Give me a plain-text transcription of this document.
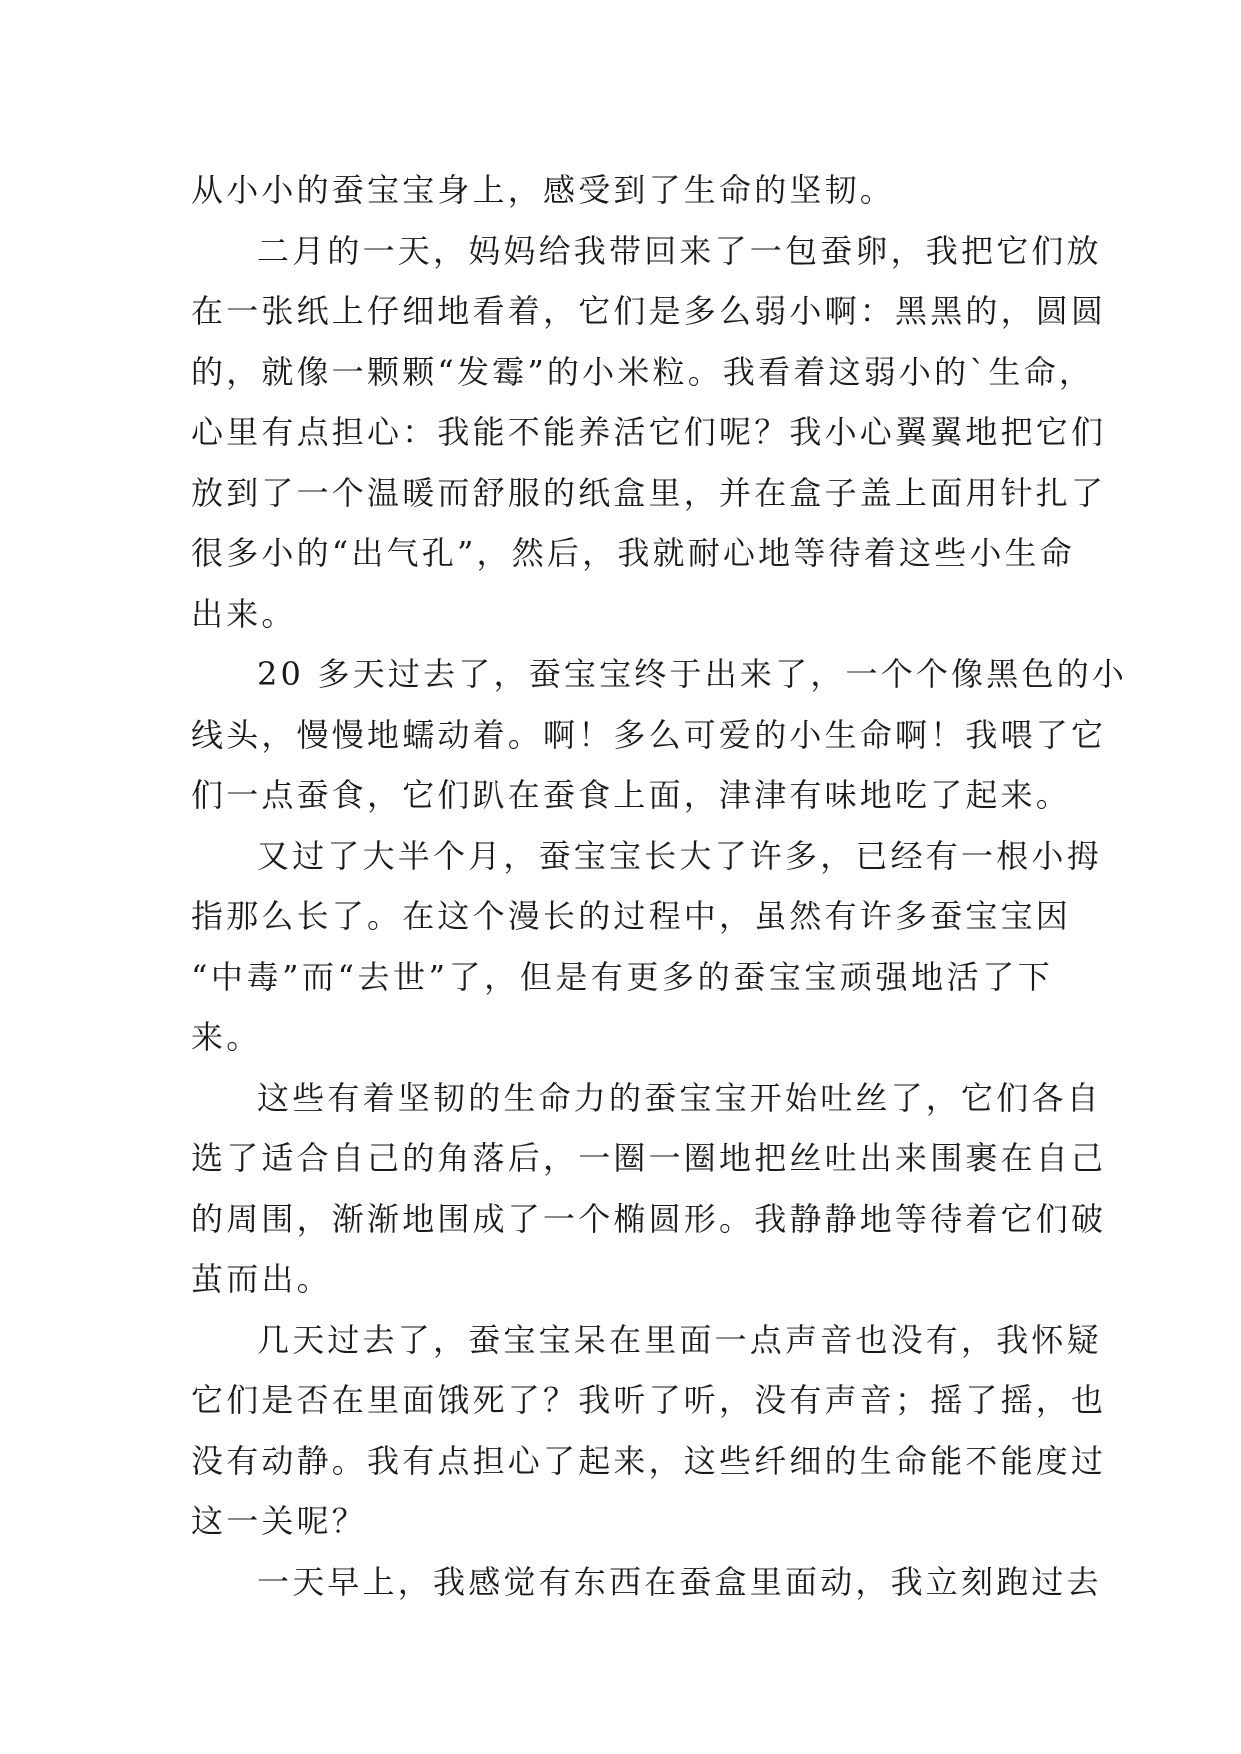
从小小的蚕宝宝身上，感受到了生命的坚韧。
二月的一天，妈妈给我带回来了一包蚕卵，我把它们放
在一张纸上仔细地看着，它们是多么弱小啊：黑黑的，圆圆
的，就像一颗颗“发霉”的小米粒。我看着这弱小的`生命，
心里有点担心：我能不能养活它们呢？我小心翼翼地把它们
放到了一个温暖而舒服的纸盒里，并在盒子盖上面用针扎了
很多小的“出气孔”，然后，我就耐心地等待着这些小生命
出来。
20 多天过去了，蚕宝宝终于出来了，一个个像黑色的小
线头，慢慢地蠕动着。啊！多么可爱的小生命啊！我喂了它
们一点蚕食，它们趴在蚕食上面，津津有味地吃了起来。
又过了大半个月，蚕宝宝长大了许多，已经有一根小拇
指那么长了。在这个漫长的过程中，虽然有许多蚕宝宝因
“中毒”而“去世”了，但是有更多的蚕宝宝顽强地活了下
来。
这些有着坚韧的生命力的蚕宝宝开始吐丝了，它们各自
选了适合自己的角落后，一圈一圈地把丝吐出来围裹在自己
的周围，渐渐地围成了一个椭圆形。我静静地等待着它们破
茧而出。
几天过去了，蚕宝宝呆在里面一点声音也没有，我怀疑
它们是否在里面饿死了？我听了听，没有声音；摇了摇，也
没有动静。我有点担心了起来，这些纤细的生命能不能度过
这一关呢？
一天早上，我感觉有东西在蚕盒里面动，我立刻跑过去
